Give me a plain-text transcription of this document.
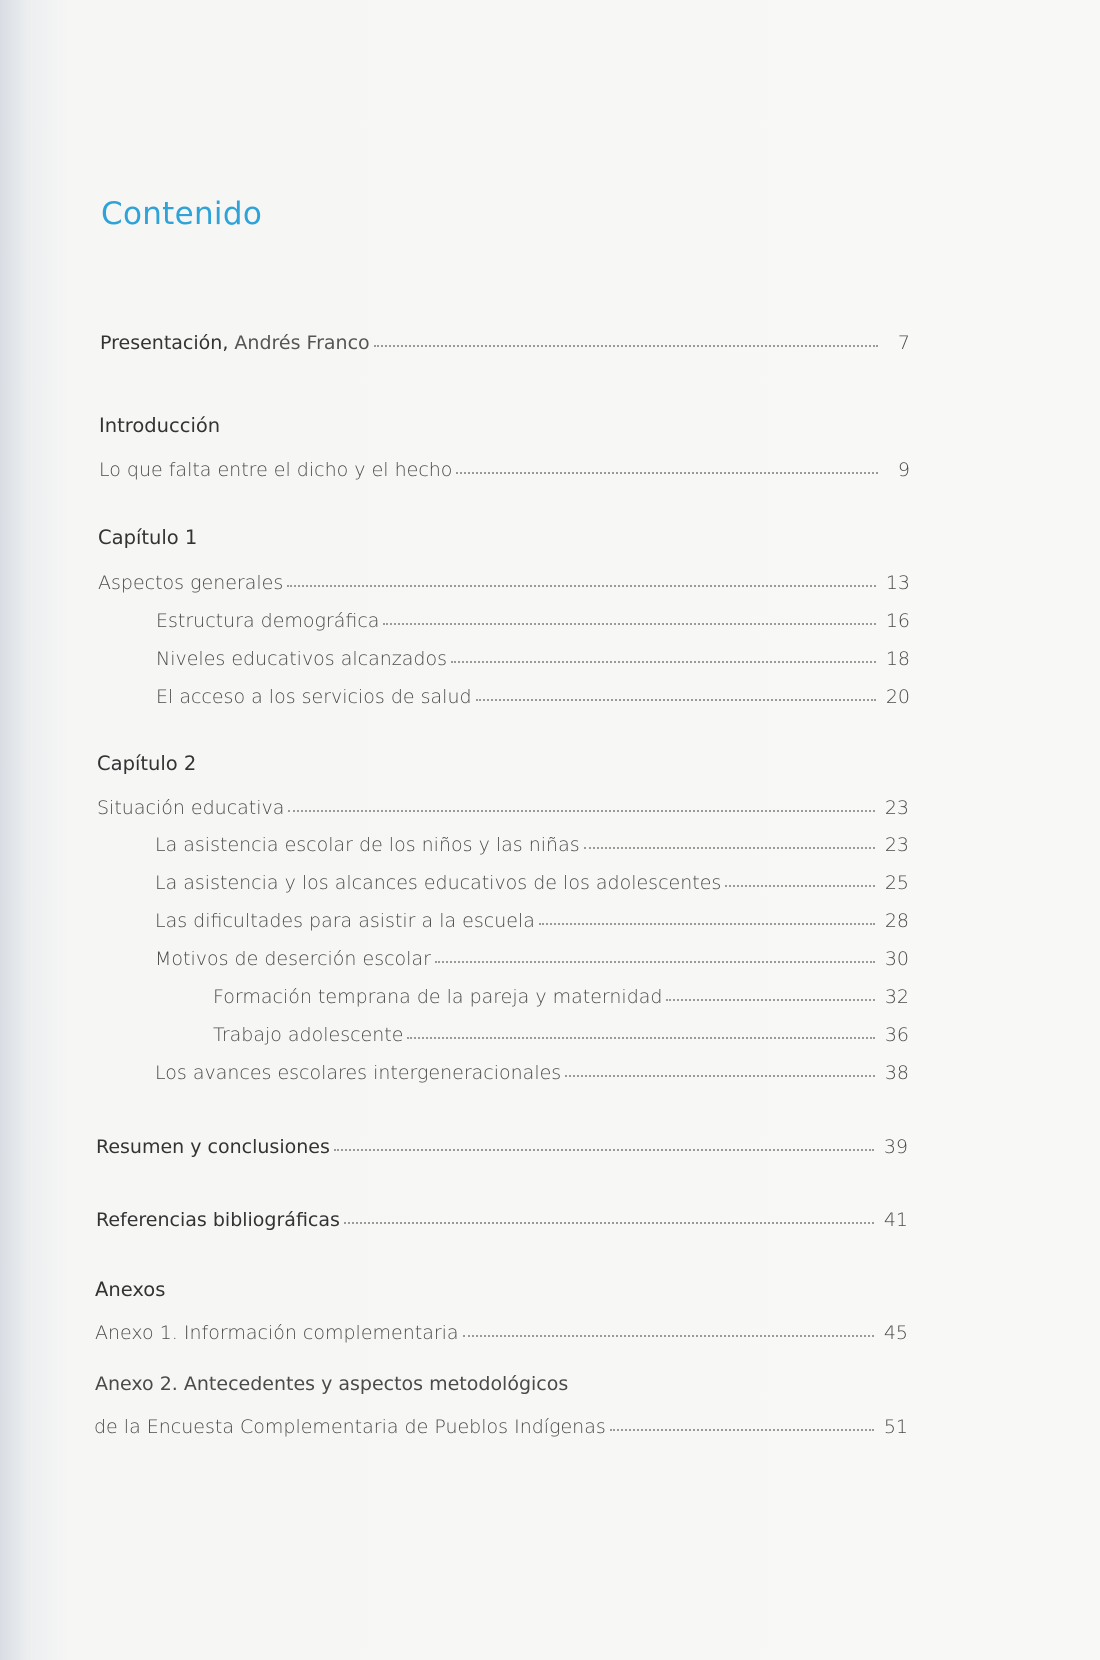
Contenido
Presentación, Andrés Franco	7
Introducción
Lo que falta entre el dicho y el hecho	9
Capítulo 1
Aspectos generales	13
Estructura demográfica	16
Niveles educativos alcanzados	18
El acceso a los servicios de salud	20
Capítulo 2
Situación educativa	23
La asistencia escolar de los niños y las niñas	23
La asistencia y los alcances educativos de los adolescentes	25
Las dificultades para asistir a la escuela	28
Motivos de deserción escolar	30
Formación temprana de la pareja y maternidad	32
Trabajo adolescente	36
Los avances escolares intergeneracionales	38
Resumen y conclusiones	39
Referencias bibliográficas	41
Anexos
Anexo 1. Información complementaria	45
Anexo 2. Antecedentes y aspectos metodológicos
de la Encuesta Complementaria de Pueblos Indígenas	51
